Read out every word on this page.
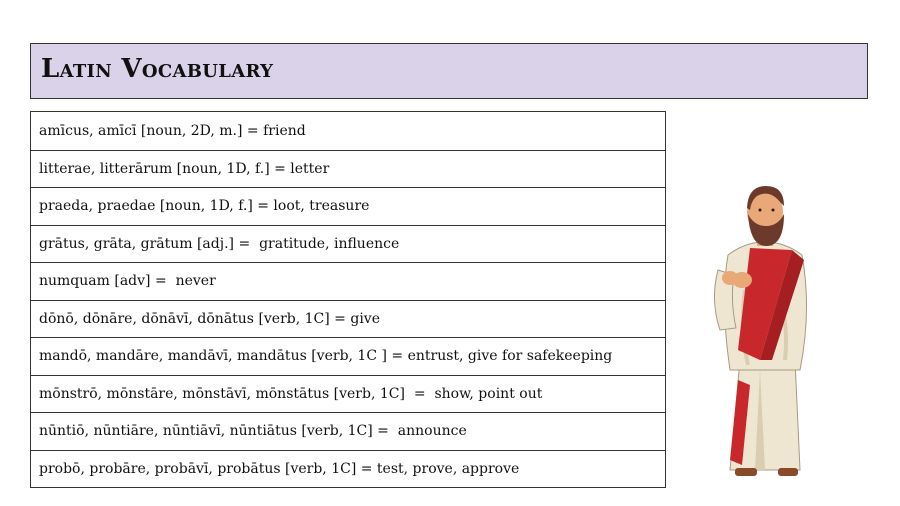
Latin Vocabulary
amīcus, amīcī [noun, 2D, m.] = friend
litterae, litterārum [noun, 1D, f.] = letter
praeda, praedae [noun, 1D, f.] = loot, treasure
grātus, grāta, grātum [adj.] =  gratitude, influence
numquam [adv] =  never
dōnō, dōnāre, dōnāvī, dōnātus [verb, 1C] = give
mandō, mandāre, mandāvī, mandātus [verb, 1C ] = entrust, give for safekeeping
mōnstrō, mōnstāre, mōnstāvī, mōnstātus [verb, 1C]  =  show, point out
nūntiō, nūntiāre, nūntiāvī, nūntiātus [verb, 1C] =  announce
probō, probāre, probāvī, probātus [verb, 1C] = test, prove, approve
